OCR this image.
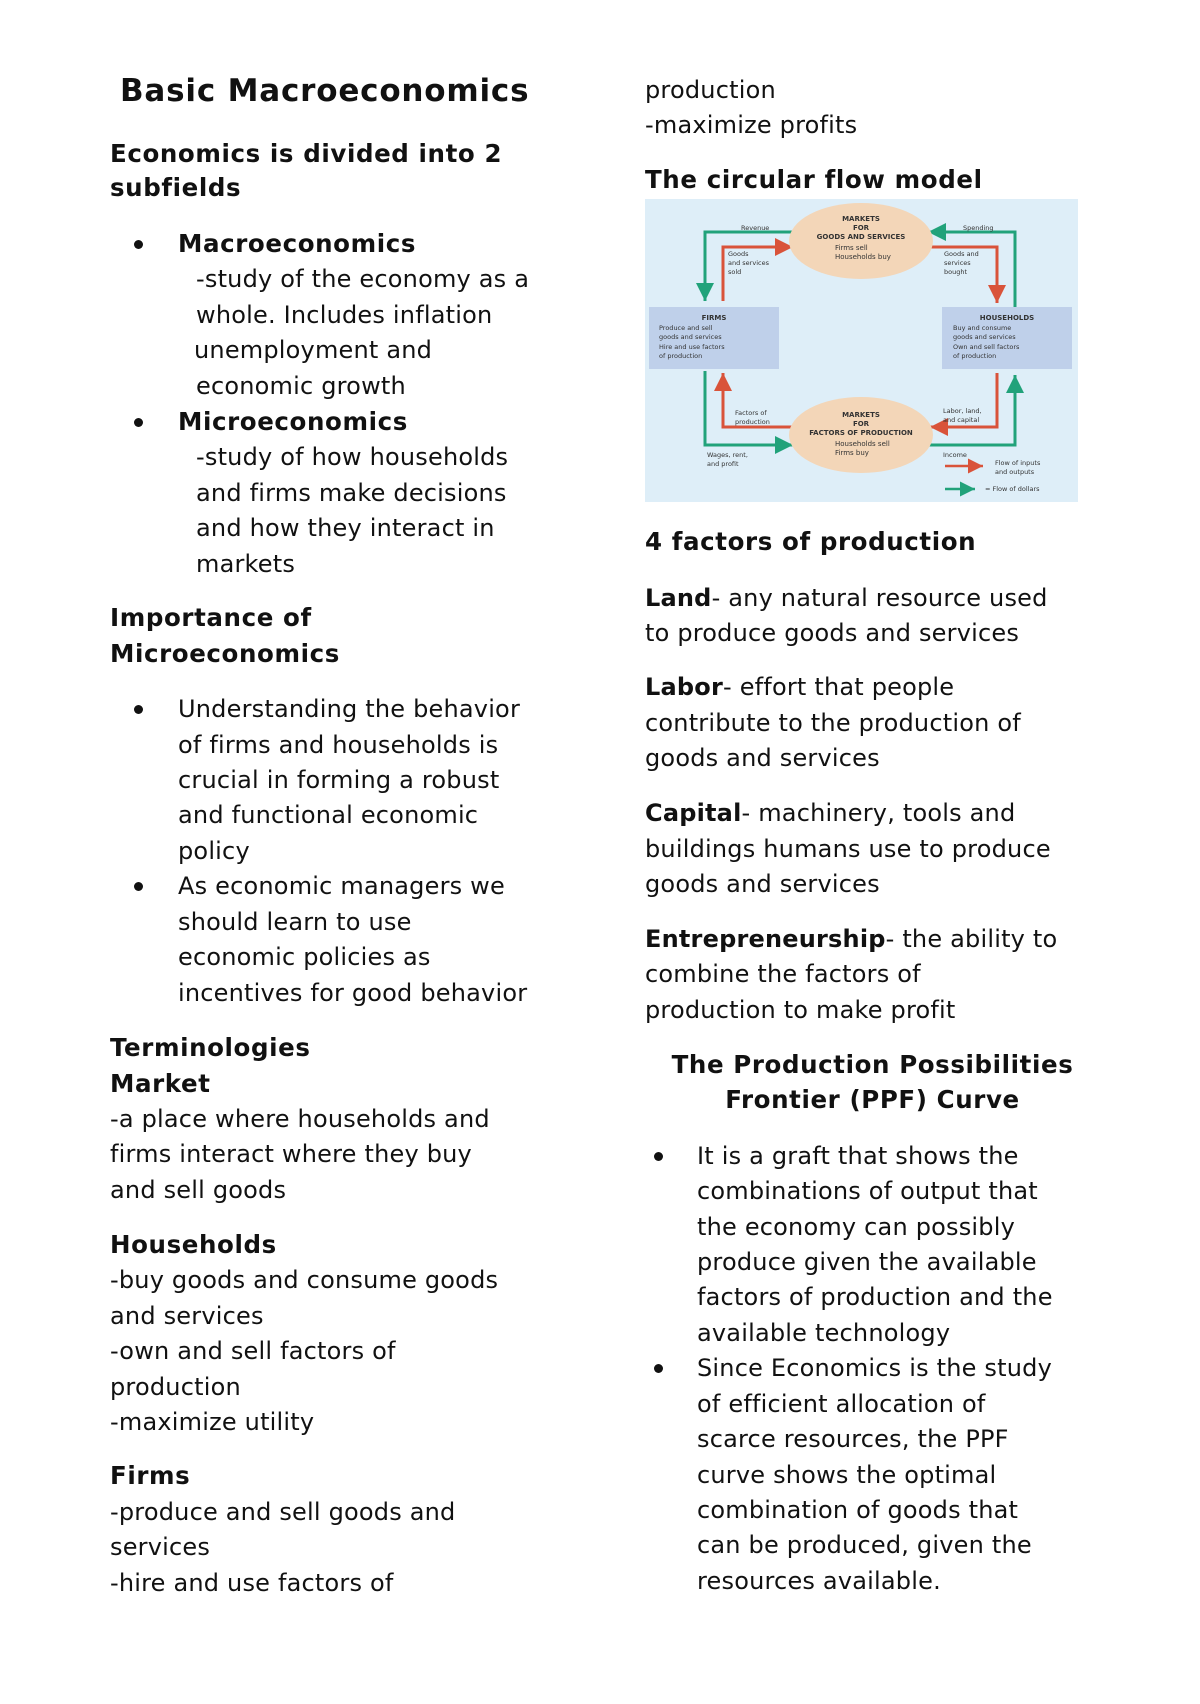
Basic Macroeconomics
Economics is divided into 2
subfields
Macroeconomics
-study of the economy as a
whole. Includes inflation
unemployment and
economic growth
Microeconomics
-study of how households
and firms make decisions
and how they interact in
markets
Importance of
Microeconomics
Understanding the behavior
of firms and households is
crucial in forming a robust
and functional economic
policy
As economic managers we
should learn to use
economic policies as
incentives for good behavior
Terminologies
Market
-a place where households and
firms interact where they buy
and sell goods
Households
-buy goods and consume goods
and services
-own and sell factors of
production
-maximize utility
Firms
-produce and sell goods and
services
-hire and use factors of
production
-maximize profits
The circular flow model
MARKETS
FOR
GOODS AND SERVICES
Firms sell
Households buy
MARKETS
FOR
FACTORS OF PRODUCTION
Households sell
Firms buy
FIRMS
Produce and sell
goods and services
Hire and use factors
of production
HOUSEHOLDS
Buy and consume
goods and services
Own and sell factors
of production
Revenue	Spending
Goods
and services
sold
Goods and
services
bought
Factors of
production
Labor, land,
and capital
Wages, rent,
and profit
Income
Flow of inputs
and outputs
= Flow of dollars
4 factors of production
Land- any natural resource used
to produce goods and services
Labor- effort that people
contribute to the production of
goods and services
Capital- machinery, tools and
buildings humans use to produce
goods and services
Entrepreneurship- the ability to
combine the factors of
production to make profit
The Production Possibilities
Frontier (PPF) Curve
It is a graft that shows the
combinations of output that
the economy can possibly
produce given the available
factors of production and the
available technology
Since Economics is the study
of efficient allocation of
scarce resources, the PPF
curve shows the optimal
combination of goods that
can be produced, given the
resources available.
